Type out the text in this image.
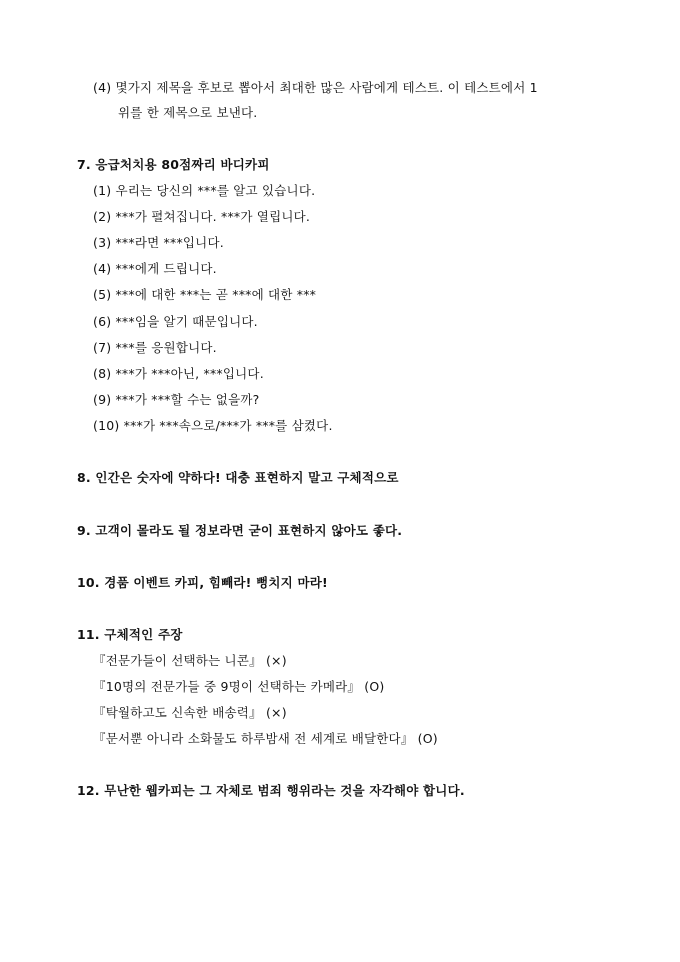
(4) 몇가지 제목을 후보로 뽑아서 최대한 많은 사람에게 테스트. 이 테스트에서 1
위를 한 제목으로 보낸다.
7. 응급처치용 80점짜리 바디카피
(1) 우리는 당신의 ***를 알고 있습니다.
(2) ***가 펼쳐집니다. ***가 열립니다.
(3) ***라면 ***입니다.
(4) ***에게 드립니다.
(5) ***에 대한 ***는 곧 ***에 대한 ***
(6) ***임을 알기 때문입니다.
(7) ***를 응원합니다.
(8) ***가 ***아닌, ***입니다.
(9) ***가 ***할 수는 없을까?
(10) ***가 ***속으로/***가 ***를 삼켰다.
8. 인간은 숫자에 약하다! 대충 표현하지 말고 구체적으로
9. 고객이 몰라도 될 정보라면 굳이 표현하지 않아도 좋다.
10. 경품 이벤트 카피, 힘빼라! 뻥치지 마라!
11. 구체적인 주장
『전문가들이 선택하는 니콘』 (×)
『10명의 전문가들 중 9명이 선택하는 카메라』 (O)
『탁월하고도 신속한 배송력』 (×)
『문서뿐 아니라 소화물도 하루밤새 전 세계로 배달한다』 (O)
12. 무난한 웹카피는 그 자체로 범죄 행위라는 것을 자각해야 합니다.
